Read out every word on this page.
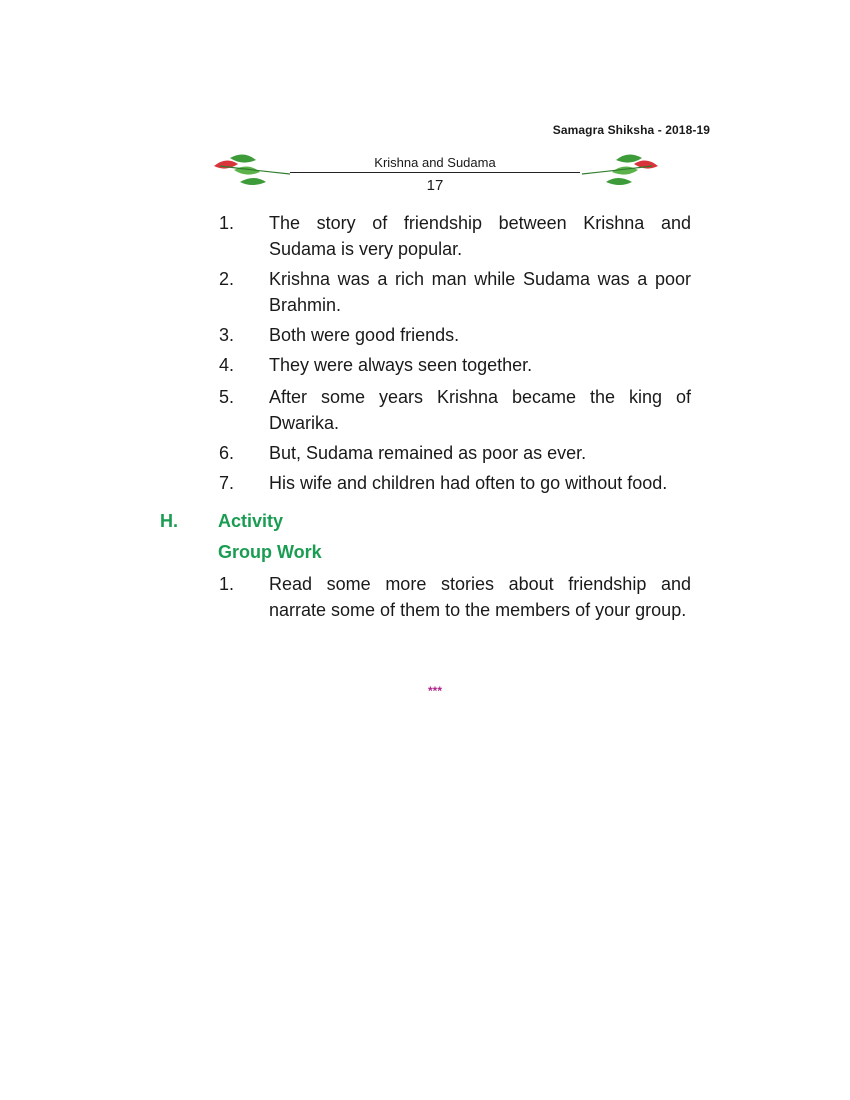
Samagra Shiksha - 2018-19
Krishna and Sudama
17
1.	The story of friendship between Krishna and Sudama is very popular.
2.	Krishna was a rich man while Sudama was a poor Brahmin.
3.	Both were good friends.
4.	They were always seen together.
5.	After some years Krishna became the king of Dwarika.
6.	But, Sudama remained as poor as ever.
7.	His wife and children had often to go without food.
H. Activity
Group Work
1.	Read some more stories about friendship and narrate some of them to the members of your group.
***
